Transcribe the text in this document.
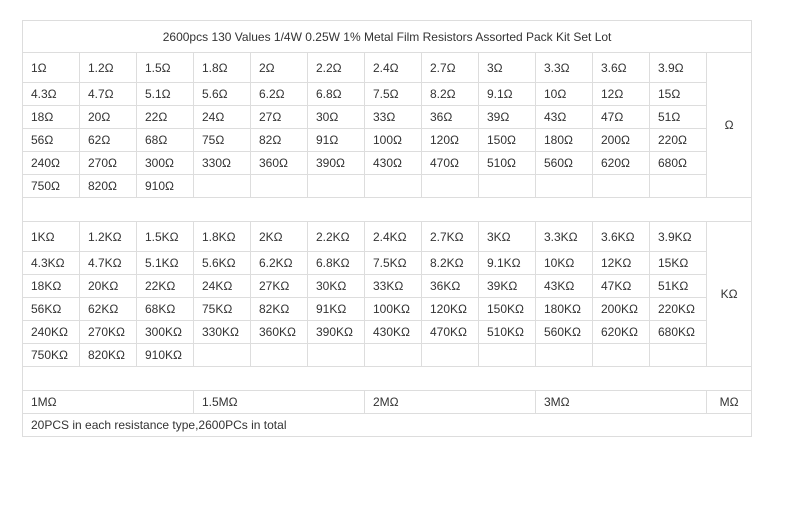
2600pcs 130 Values 1/4W 0.25W 1% Metal Film Resistors Assorted Pack Kit Set Lot												
1Ω	1.2Ω	1.5Ω	1.8Ω	2Ω	2.2Ω	2.4Ω	2.7Ω	3Ω	3.3Ω	3.6Ω	3.9Ω	Ω
4.3Ω	4.7Ω	5.1Ω	5.6Ω	6.2Ω	6.8Ω	7.5Ω	8.2Ω	9.1Ω	10Ω	12Ω	15Ω	
18Ω	20Ω	22Ω	24Ω	27Ω	30Ω	33Ω	36Ω	39Ω	43Ω	47Ω	51Ω	
56Ω	62Ω	68Ω	75Ω	82Ω	91Ω	100Ω	120Ω	150Ω	180Ω	200Ω	220Ω	
240Ω	270Ω	300Ω	330Ω	360Ω	390Ω	430Ω	470Ω	510Ω	560Ω	620Ω	680Ω	
750Ω	820Ω	910Ω										

1KΩ	1.2KΩ	1.5KΩ	1.8KΩ	2KΩ	2.2KΩ	2.4KΩ	2.7KΩ	3KΩ	3.3KΩ	3.6KΩ	3.9KΩ	KΩ
4.3KΩ	4.7KΩ	5.1KΩ	5.6KΩ	6.2KΩ	6.8KΩ	7.5KΩ	8.2KΩ	9.1KΩ	10KΩ	12KΩ	15KΩ	
18KΩ	20KΩ	22KΩ	24KΩ	27KΩ	30KΩ	33KΩ	36KΩ	39KΩ	43KΩ	47KΩ	51KΩ	
56KΩ	62KΩ	68KΩ	75KΩ	82KΩ	91KΩ	100KΩ	120KΩ	150KΩ	180KΩ	200KΩ	220KΩ	
240KΩ	270KΩ	300KΩ	330KΩ	360KΩ	390KΩ	430KΩ	470KΩ	510KΩ	560KΩ	620KΩ	680KΩ	
750KΩ	820KΩ	910KΩ										

1MΩ			1.5MΩ			2MΩ			3MΩ			MΩ
20PCS in each resistance type,2600PCs in total												
